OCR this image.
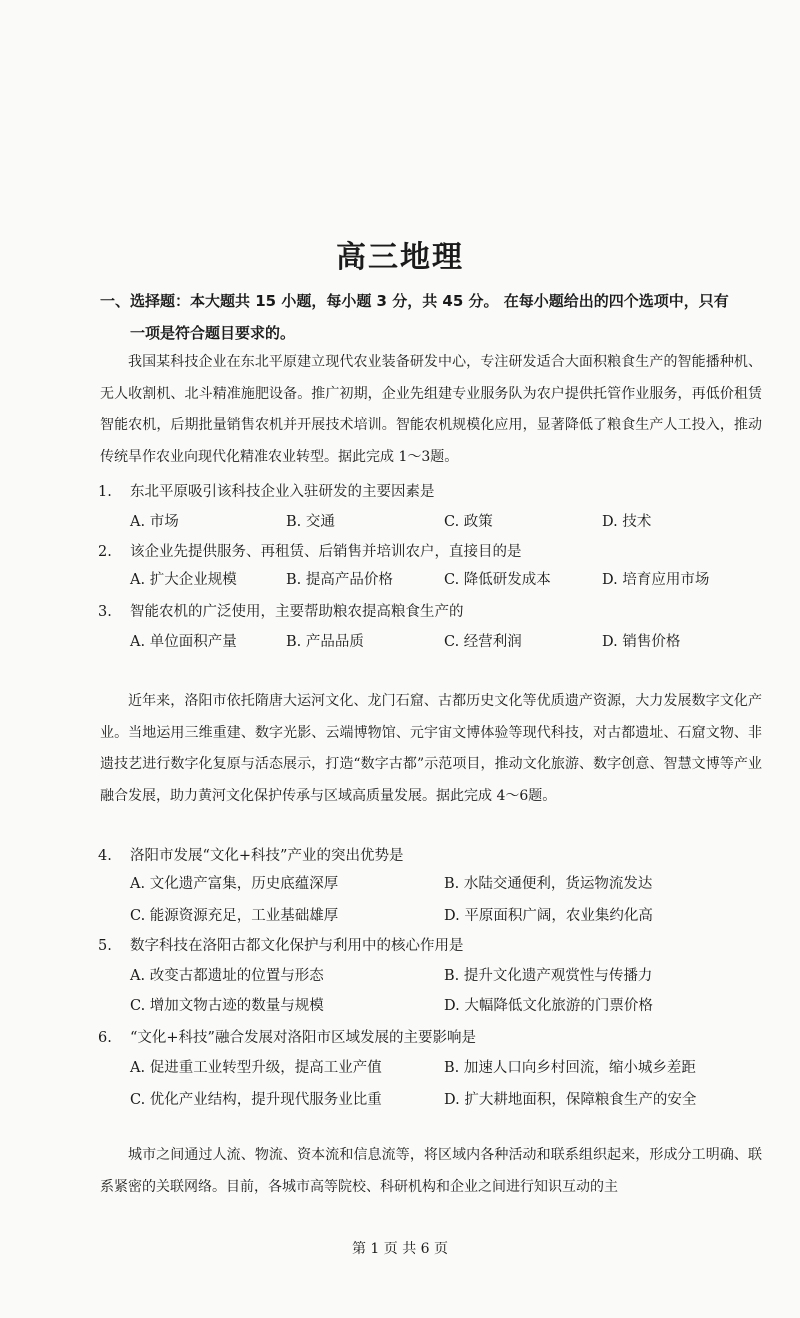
高三地理
一、选择题：本大题共 15 小题，每小题 3 分，共 45 分。 在每小题给出的四个选项中，只有
一项是符合题目要求的。
我国某科技企业在东北平原建立现代农业装备研发中心，专注研发适合大面积粮食生产的智能播种机、无人收割机、北斗精准施肥设备。推广初期，企业先组建专业服务队为农户提供托管作业服务，再低价租赁智能农机，后期批量销售农机并开展技术培训。智能农机规模化应用，显著降低了粮食生产人工投入，推动传统旱作农业向现代化精准农业转型。据此完成 1～3题。
1. 东北平原吸引该科技企业入驻研发的主要因素是
A. 市场	B. 交通	C. 政策	D. 技术
2. 该企业先提供服务、再租赁、后销售并培训农户，直接目的是
A. 扩大企业规模	B. 提高产品价格	C. 降低研发成本	D. 培育应用市场
3. 智能农机的广泛使用，主要帮助粮农提高粮食生产的
A. 单位面积产量	B. 产品品质	C. 经营利润	D. 销售价格
近年来，洛阳市依托隋唐大运河文化、龙门石窟、古都历史文化等优质遗产资源，大力发展数字文化产业。当地运用三维重建、数字光影、云端博物馆、元宇宙文博体验等现代科技，对古都遗址、石窟文物、非遗技艺进行数字化复原与活态展示，打造“数字古都”示范项目，推动文化旅游、数字创意、智慧文博等产业融合发展，助力黄河文化保护传承与区域高质量发展。据此完成 4～6题。
4. 洛阳市发展“文化+科技”产业的突出优势是
A. 文化遗产富集，历史底蕴深厚	B. 水陆交通便利，货运物流发达
C. 能源资源充足，工业基础雄厚	D. 平原面积广阔，农业集约化高
5. 数字科技在洛阳古都文化保护与利用中的核心作用是
A. 改变古都遗址的位置与形态	B. 提升文化遗产观赏性与传播力
C. 增加文物古迹的数量与规模	D. 大幅降低文化旅游的门票价格
6. “文化+科技”融合发展对洛阳市区域发展的主要影响是
A. 促进重工业转型升级，提高工业产值	B. 加速人口向乡村回流，缩小城乡差距
C. 优化产业结构，提升现代服务业比重	D. 扩大耕地面积，保障粮食生产的安全
城市之间通过人流、物流、资本流和信息流等，将区域内各种活动和联系组织起来，形成分工明确、联系紧密的关联网络。目前，各城市高等院校、科研机构和企业之间进行知识互动的主
第 1 页 共 6 页
